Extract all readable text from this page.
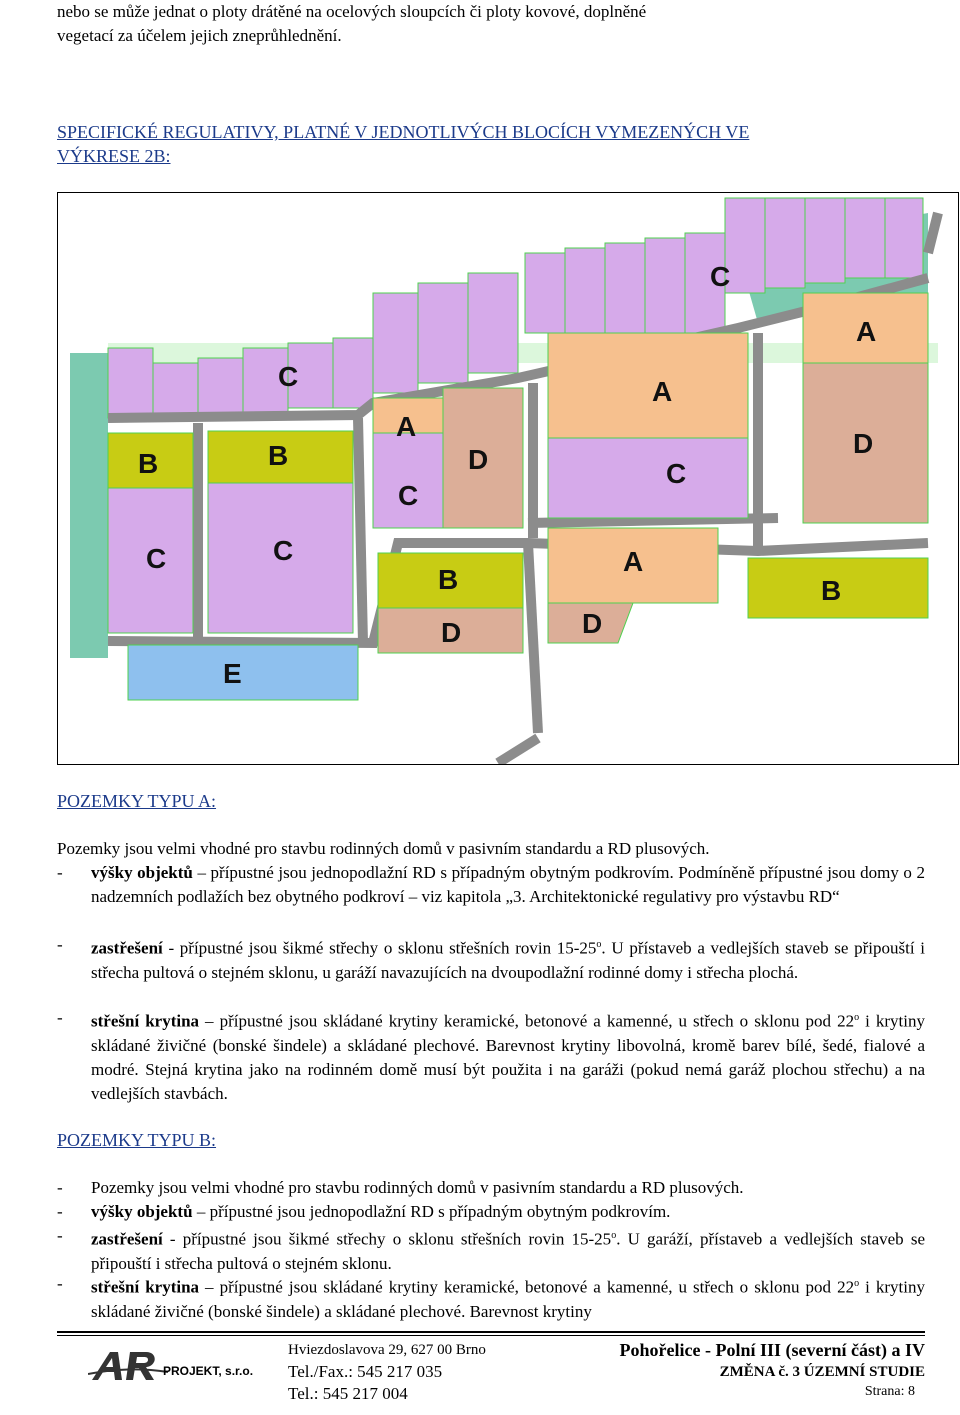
nebo se může jednat o ploty drátěné na ocelových sloupcích či ploty kovové, doplněné
vegetací za účelem jejich zneprůhlednění.
SPECIFICKÉ REGULATIVY, PLATNÉ V JEDNOTLIVÝCH BLOCÍCH VYMEZENÝCH VE
VÝKRESE 2B:
C
A
C	A
A
D
B	B	D	C
C
C	C	A
B	B
D
D
E
POZEMKY TYPU A:
Pozemky jsou velmi vhodné pro stavbu rodinných domů v pasivním standardu a RD plusových.
- výšky objektů – přípustné jsou jednopodlažní RD s případným obytným podkrovím. Podmíněně přípustné jsou domy o 2 nadzemních podlažích bez obytného podkroví – viz kapitola „3. Architektonické regulativy pro výstavbu RD“
- zastřešení - přípustné jsou šikmé střechy o sklonu střešních rovin 15-25$^o$. U přístaveb a vedlejších staveb se připouští i střecha pultová o stejném sklonu, u garáží navazujících na dvoupodlažní rodinné domy i střecha plochá.
- střešní krytina – přípustné jsou skládané krytiny keramické, betonové a kamenné, u střech o sklonu pod 22$^o$ i krytiny skládané živičné (bonské šindele) a skládané plechové. Barevnost krytiny libovolná, kromě barev bílé, šedé, fialové a modré. Stejná krytina jako na rodinném domě musí být použita i na garáži (pokud nemá garáž plochou střechu) a na vedlejších stavbách.
POZEMKY TYPU B:
- Pozemky jsou velmi vhodné pro stavbu rodinných domů v pasivním standardu a RD plusových.
- výšky objektů – přípustné jsou jednopodlažní RD s případným obytným podkrovím.
- zastřešení - přípustné jsou šikmé střechy o sklonu střešních rovin 15-25$^o$. U garáží, přístaveb a vedlejších staveb se připouští i střecha pultová o stejném sklonu.
- střešní krytina – přípustné jsou skládané krytiny keramické, betonové a kamenné, u střech o sklonu pod 22$^o$ i krytiny skládané živičné (bonské šindele) a skládané plechové. Barevnost krytiny
PROJEKT, s.r.o.
Hviezdoslavova 29, 627 00 Brno
Tel./Fax.: 545 217 035
Tel.: 545 217 004
Pohořelice - Polní III (severní část) a IV
ZMĚNA č. 3 ÚZEMNÍ STUDIE
Strana: 8
